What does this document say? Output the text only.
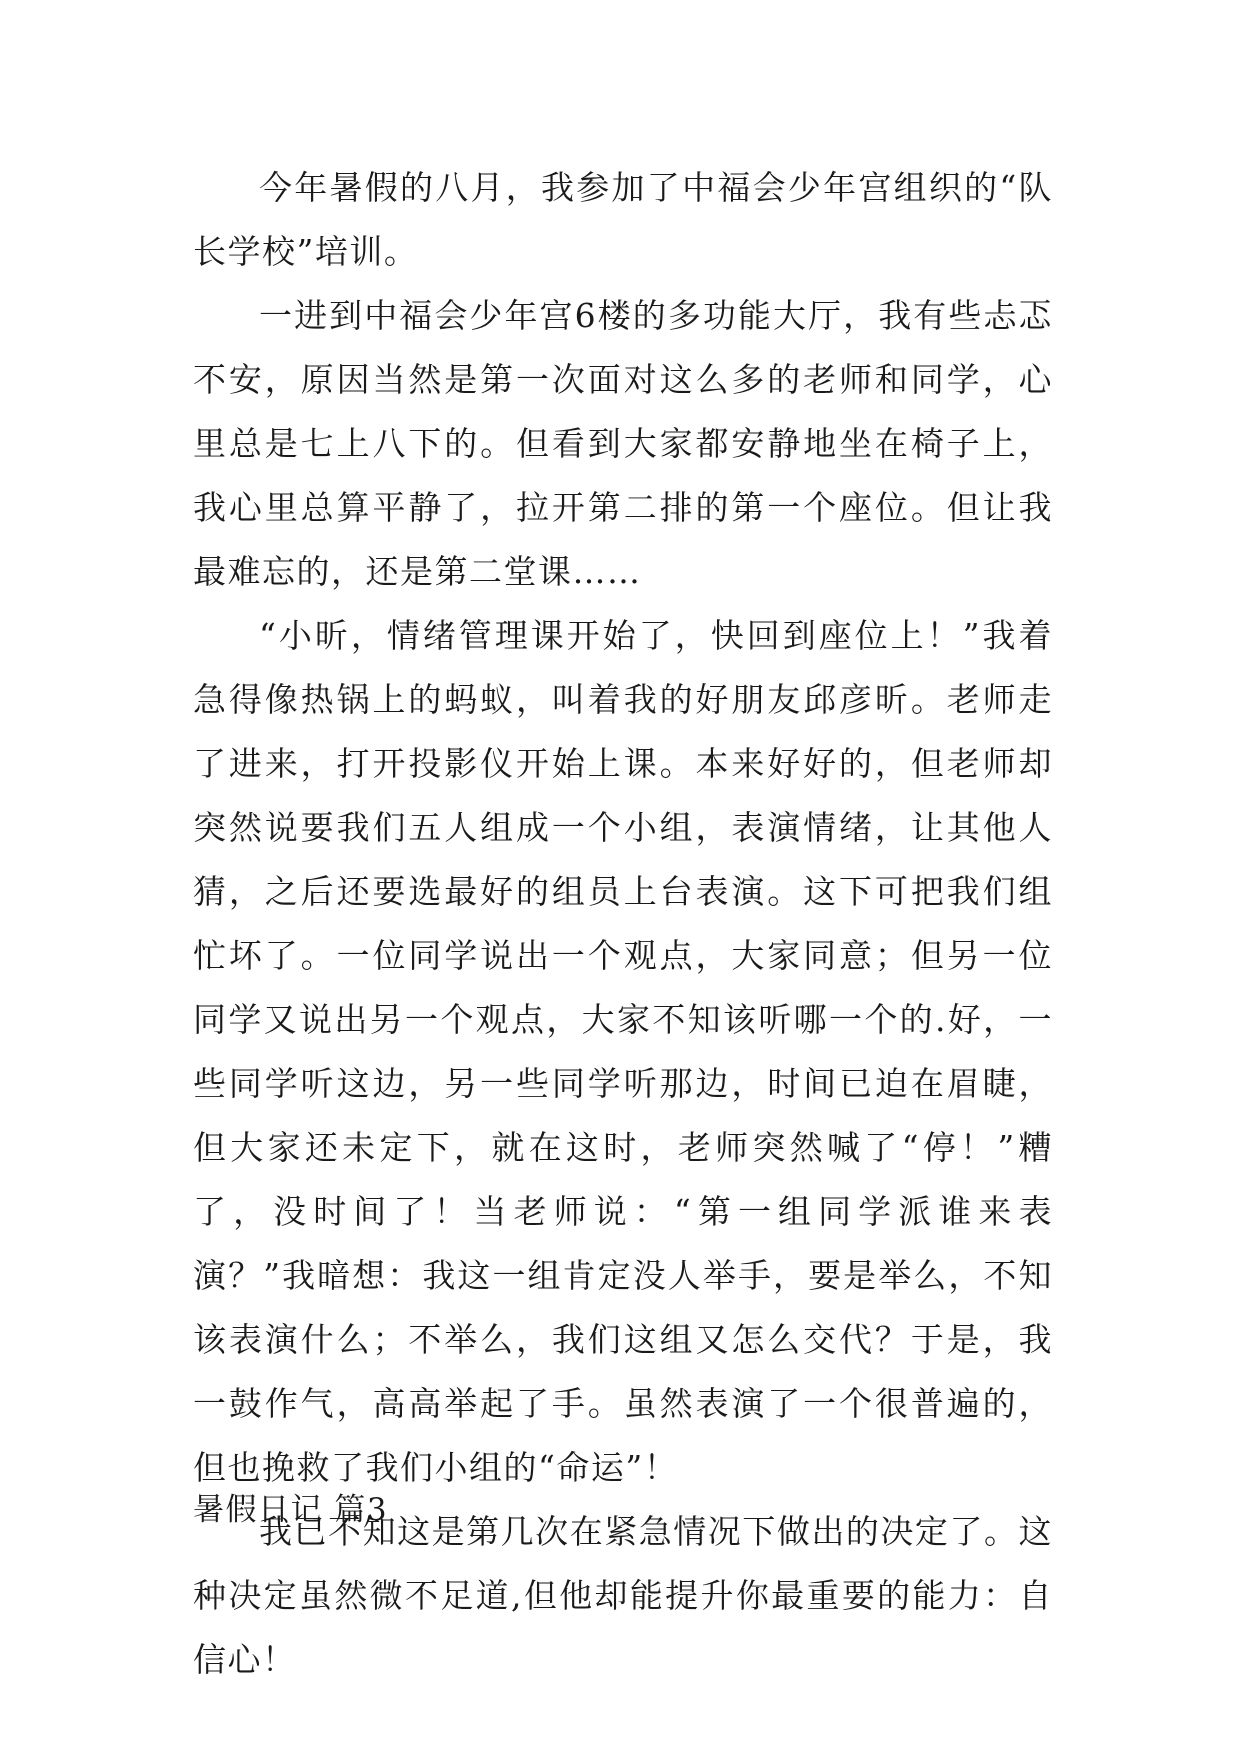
今年暑假的八月，我参加了中福会少年宫组织的“队长学校”培训。

一进到中福会少年宫6楼的多功能大厅，我有些忐忑不安，原因当然是第一次面对这么多的老师和同学，心里总是七上八下的。但看到大家都安静地坐在椅子上，我心里总算平静了，拉开第二排的第一个座位。但让我最难忘的，还是第二堂课……

“小昕，情绪管理课开始了，快回到座位上！”我着急得像热锅上的蚂蚁，叫着我的好朋友邱彦昕。老师走了进来，打开投影仪开始上课。本来好好的，但老师却突然说要我们五人组成一个小组，表演情绪，让其他人猜，之后还要选最好的组员上台表演。这下可把我们组忙坏了。一位同学说出一个观点，大家同意；但另一位同学又说出另一个观点，大家不知该听哪一个的.好，一些同学听这边，另一些同学听那边，时间已迫在眉睫，但大家还未定下，就在这时，老师突然喊了“停！”糟了，没时间了！当老师说：“第一组同学派谁来表演？”我暗想：我这一组肯定没人举手，要是举么，不知该表演什么；不举么，我们这组又怎么交代？于是，我一鼓作气，高高举起了手。虽然表演了一个很普遍的，但也挽救了我们小组的“命运”！

我已不知这是第几次在紧急情况下做出的决定了。这种决定虽然微不足道,但他却能提升你最重要的能力：自信心！

暑假日记 篇3
